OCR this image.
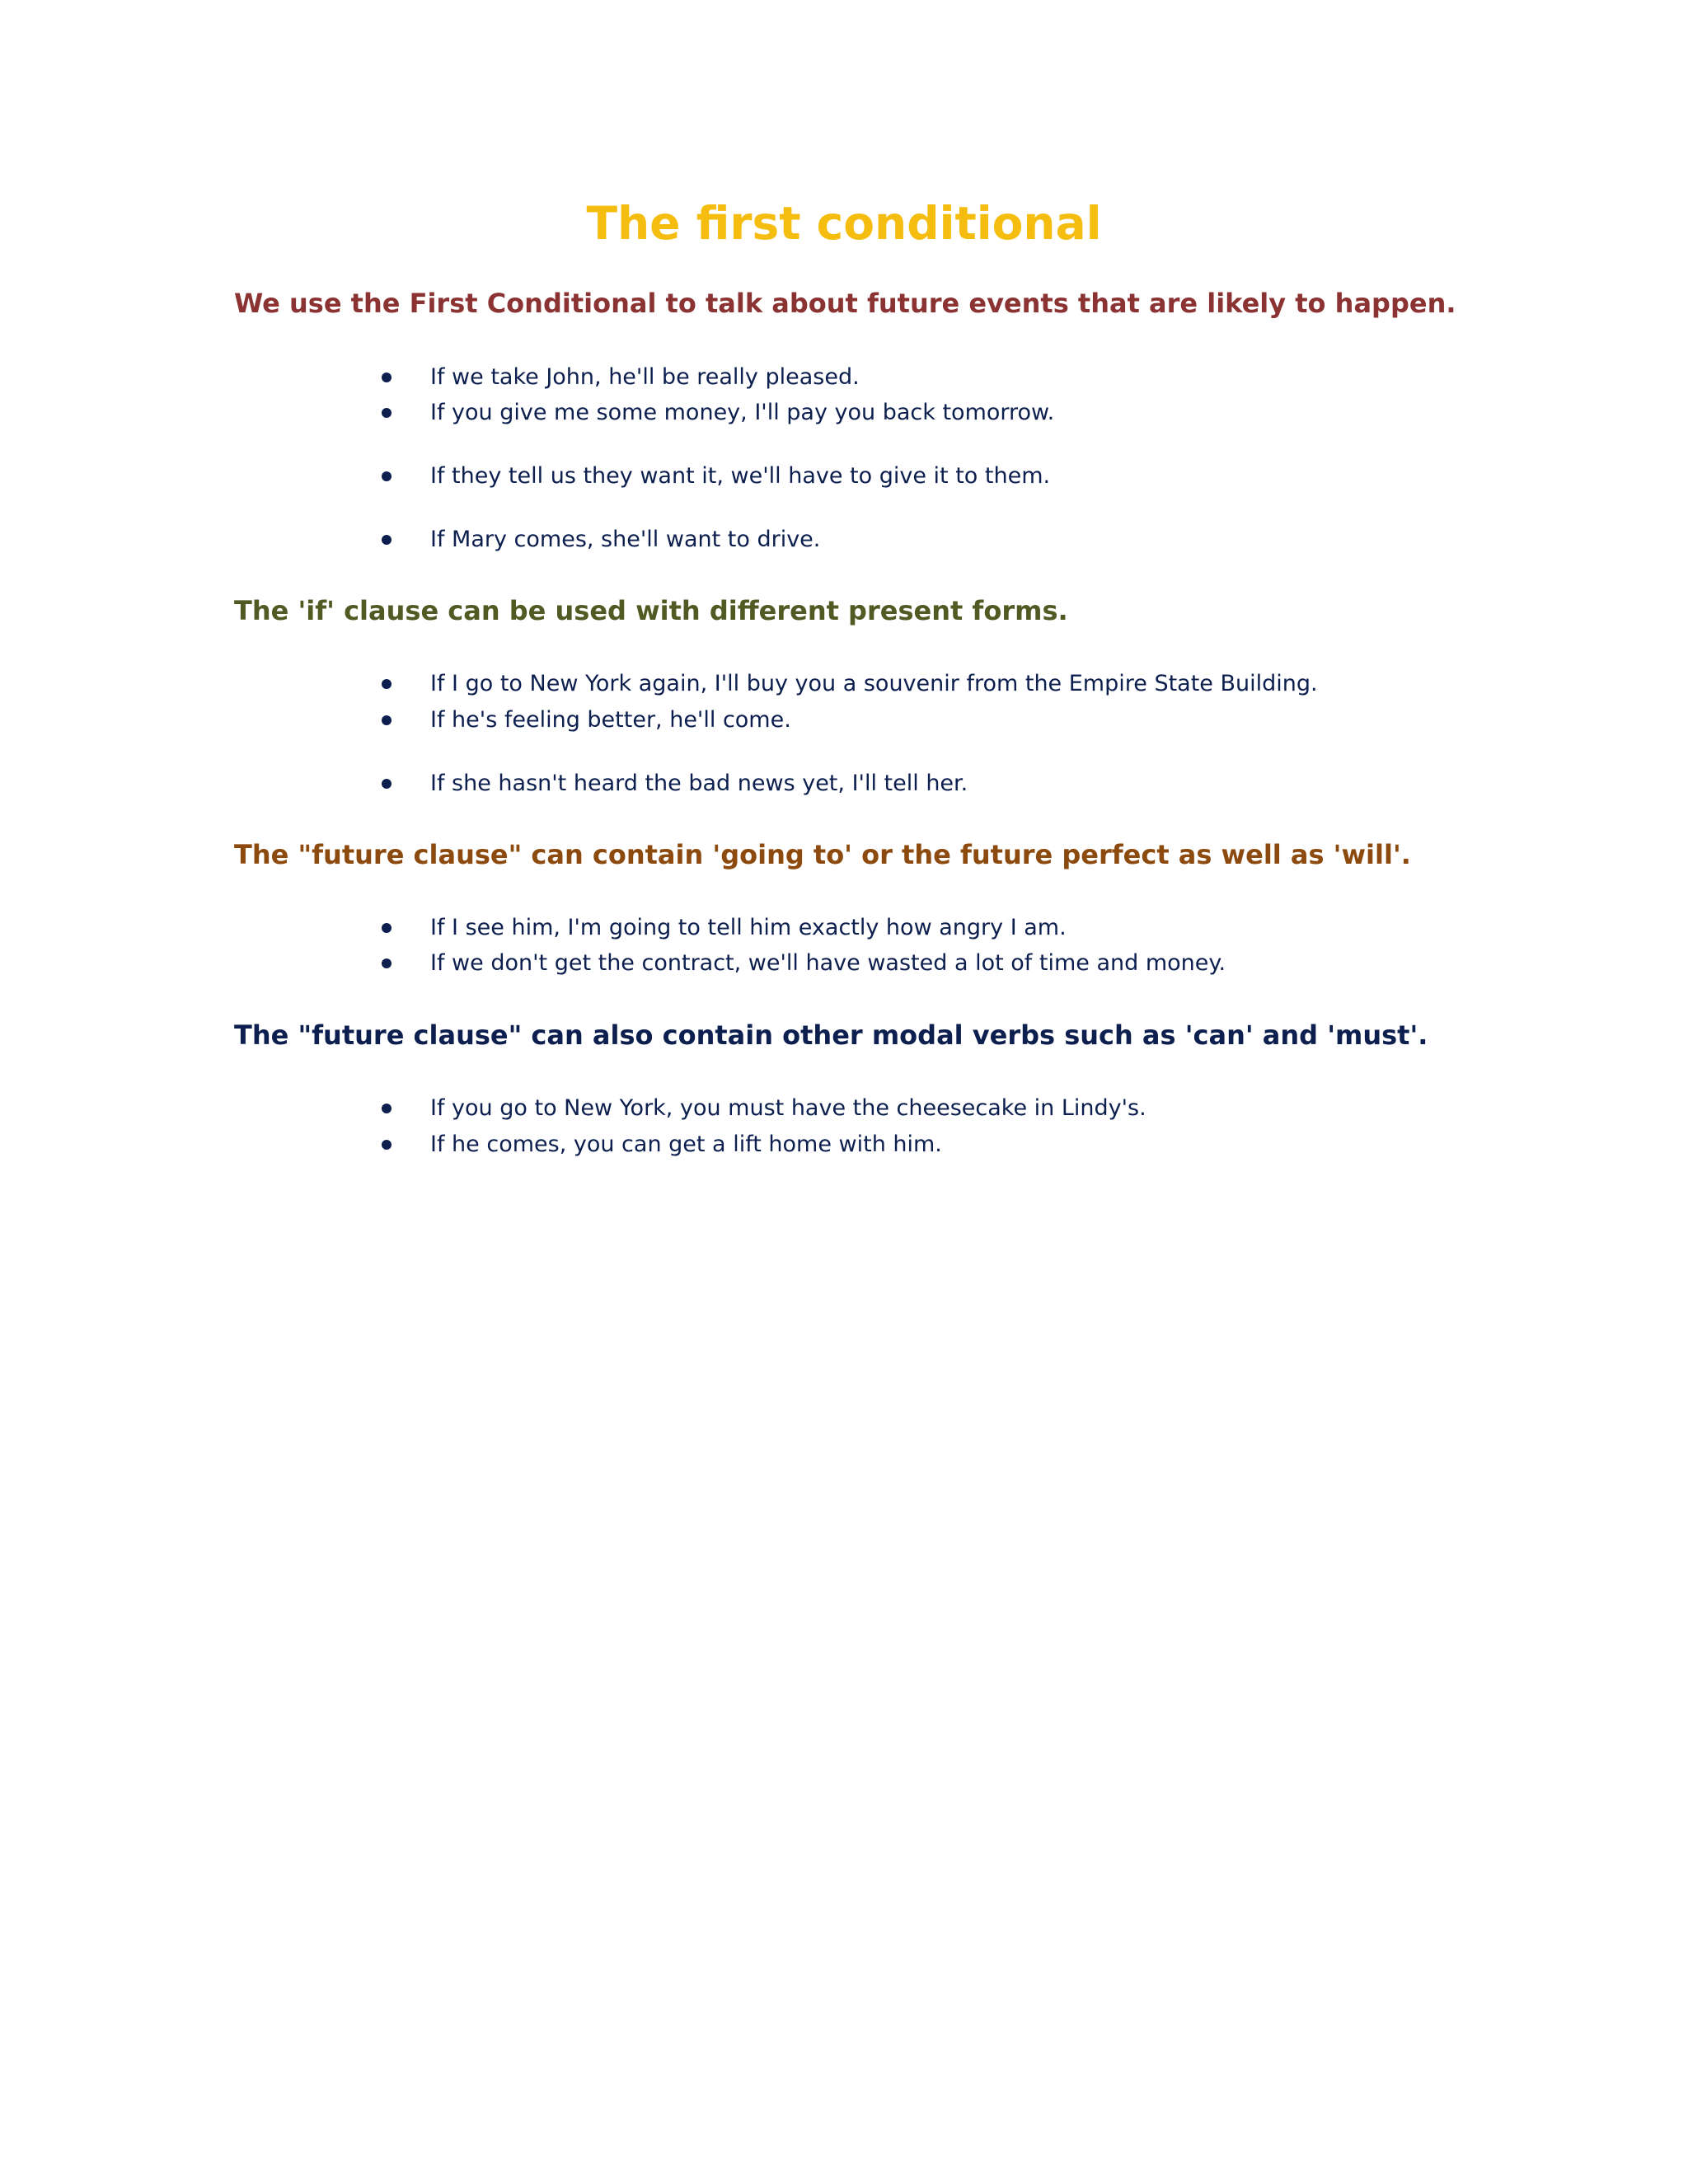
The first conditional
We use the First Conditional to talk about future events that are likely to happen.

If we take John, he'll be really pleased.

If you give me some money, I'll pay you back tomorrow.

If they tell us they want it, we'll have to give it to them.

If Mary comes, she'll want to drive.

The 'if' clause can be used with different present forms.

If I go to New York again, I'll buy you a souvenir from the Empire State Building.

If he's feeling better, he'll come.

If she hasn't heard the bad news yet, I'll tell her.

The "future clause" can contain 'going to' or the future perfect as well as 'will'.

If I see him, I'm going to tell him exactly how angry I am.

If we don't get the contract, we'll have wasted a lot of time and money.

The "future clause" can also contain other modal verbs such as 'can' and 'must'.

If you go to New York, you must have the cheesecake in Lindy's.

If he comes, you can get a lift home with him.
